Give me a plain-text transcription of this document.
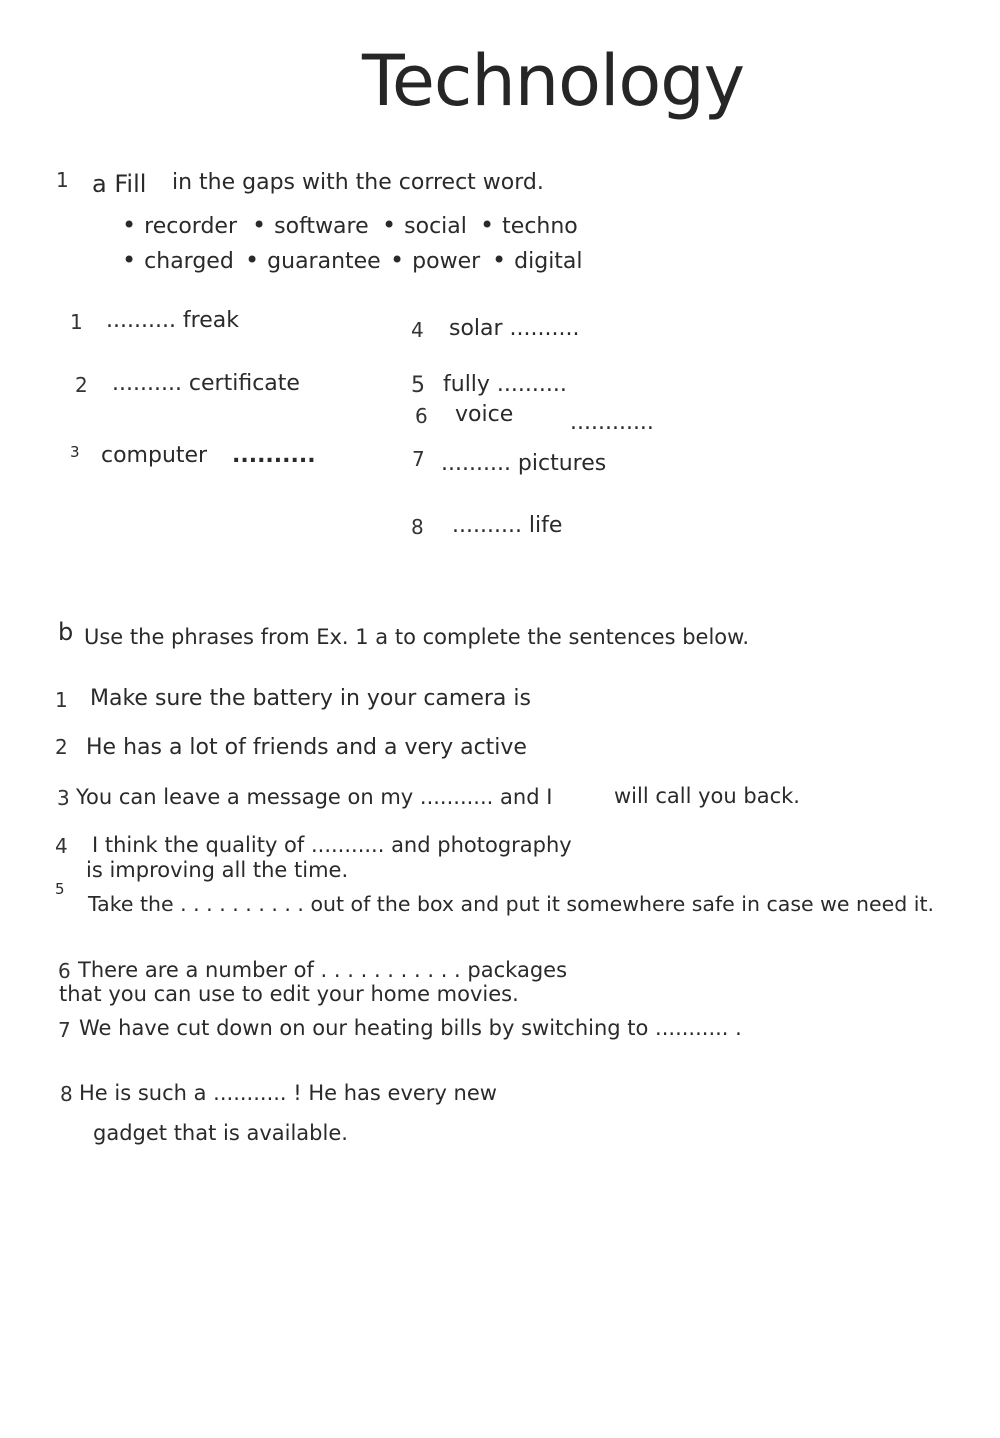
Technology
1 a Fill in the gaps with the correct word.
• recorder	• software	• social	• techno
• charged	• guarantee	• power	• digital
1 .......... freak
2 .......... certificate
3 computer ..........
4 solar ..........
5 fully ..........
6 voice	............
7 .......... pictures
8 .......... life
b Use the phrases from Ex. 1 a to complete the sentences below.
1 Make sure the battery in your camera is
2 He has a lot of friends and a very active
3 You can leave a message on my ........... and I	will call you back.
4 I think the quality of ........... and photography
is improving all the time.
5
Take the . . . . . . . . . . out of the box and put it somewhere safe in case we need it.
6 There are a number of . . . . . . . . . . . packages
that you can use to edit your home movies.
7 We have cut down on our heating bills by switching to ........... .
8 He is such a ........... ! He has every new
gadget that is available.
